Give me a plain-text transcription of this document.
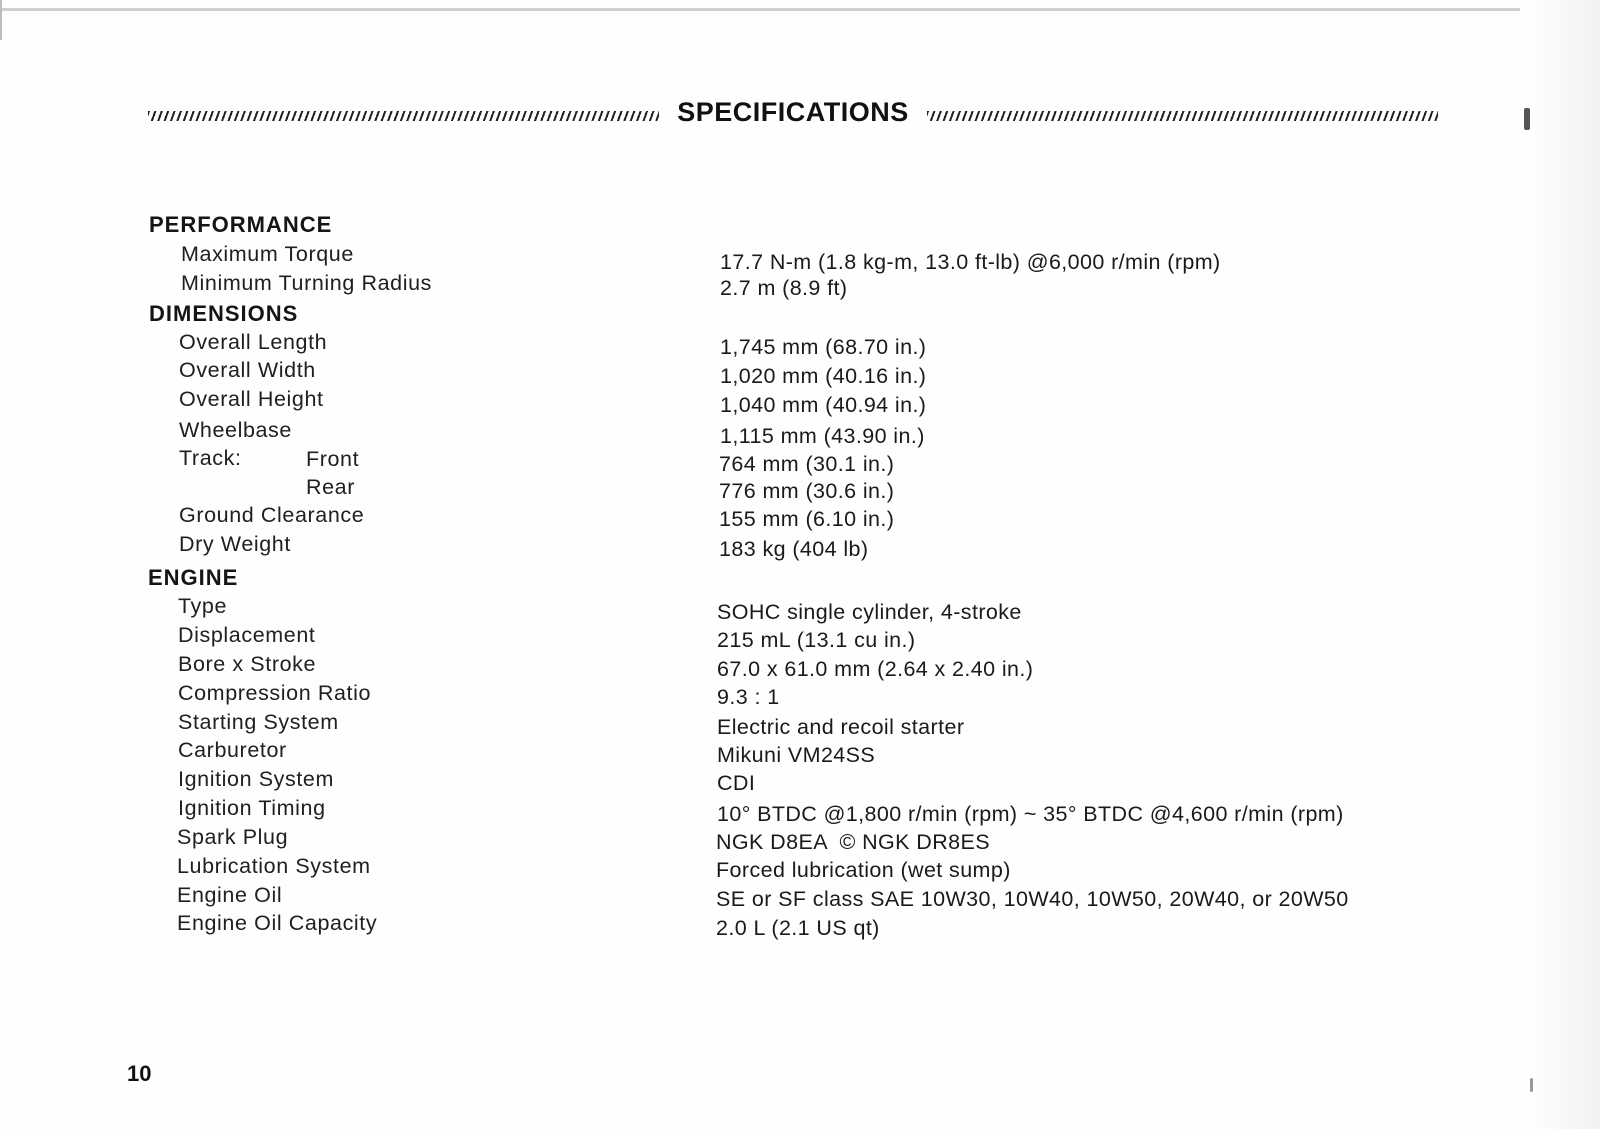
SPECIFICATIONS
PERFORMANCE
Maximum Torque	17.7 N-m (1.8 kg-m, 13.0 ft-lb) @6,000 r/min (rpm)
Minimum Turning Radius	2.7 m (8.9 ft)
DIMENSIONS
Overall Length	1,745 mm (68.70 in.)
Overall Width	1,020 mm (40.16 in.)
Overall Height	1,040 mm (40.94 in.)
Wheelbase	1,115 mm (43.90 in.)
Track:	Front	764 mm (30.1 in.)
Rear	776 mm (30.6 in.)
Ground Clearance	155 mm (6.10 in.)
Dry Weight	183 kg (404 lb)
ENGINE
Type	SOHC single cylinder, 4-stroke
Displacement	215 mL (13.1 cu in.)
Bore x Stroke	67.0 x 61.0 mm (2.64 x 2.40 in.)
Compression Ratio	9.3 : 1
Starting System	Electric and recoil starter
Carburetor	Mikuni VM24SS
Ignition System	CDI
Ignition Timing	10° BTDC @1,800 r/min (rpm) ~ 35° BTDC @4,600 r/min (rpm)
Spark Plug	NGK D8EA  © NGK DR8ES
Lubrication System	Forced lubrication (wet sump)
Engine Oil	SE or SF class SAE 10W30, 10W40, 10W50, 20W40, or 20W50
Engine Oil Capacity	2.0 L (2.1 US qt)
10
